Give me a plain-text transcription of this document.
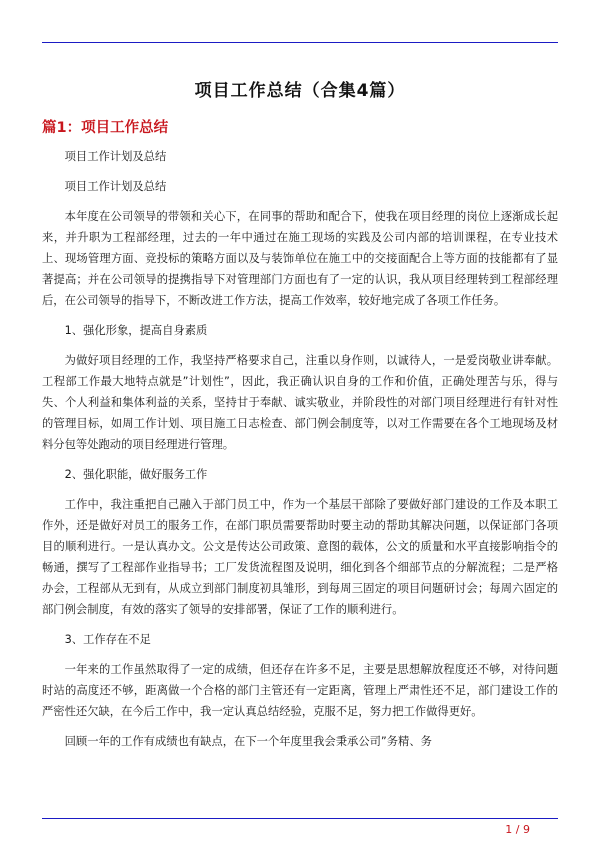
项目工作总结（合集4篇）
篇1：项目工作总结

项目工作计划及总结

项目工作计划及总结

本年度在公司领导的带领和关心下，在同事的帮助和配合下，使我在项目经理的岗位上逐渐成长起来，并升职为工程部经理，过去的一年中通过在施工现场的实践及公司内部的培训课程，在专业技术上、现场管理方面、竞投标的策略方面以及与装饰单位在施工中的交接面配合上等方面的技能都有了显著提高；并在公司领导的提携指导下对管理部门方面也有了一定的认识，我从项目经理转到工程部经理后，在公司领导的指导下，不断改进工作方法，提高工作效率，较好地完成了各项工作任务。

1、强化形象，提高自身素质

为做好项目经理的工作，我坚持严格要求自己，注重以身作则，以诚待人，一是爱岗敬业讲奉献。工程部工作最大地特点就是”计划性”，因此，我正确认识自身的工作和价值，正确处理苦与乐，得与失、个人利益和集体利益的关系，坚持甘于奉献、诚实敬业，并阶段性的对部门项目经理进行有针对性的管理目标，如周工作计划、项目施工日志检查、部门例会制度等，以对工作需要在各个工地现场及材料分包等处跑动的项目经理进行管理。

2、强化职能，做好服务工作

工作中，我注重把自己融入于部门员工中，作为一个基层干部除了要做好部门建设的工作及本职工作外，还是做好对员工的服务工作，在部门职员需要帮助时要主动的帮助其解决问题，以保证部门各项目的顺利进行。一是认真办文。公文是传达公司政策、意图的载体，公文的质量和水平直接影响指令的畅通，撰写了工程部作业指导书；工厂发货流程图及说明，细化到各个细部节点的分解流程；二是严格办会，工程部从无到有，从成立到部门制度初具雏形，到每周三固定的项目问题研讨会；每周六固定的部门例会制度，有效的落实了领导的安排部署，保证了工作的顺利进行。

3、工作存在不足

一年来的工作虽然取得了一定的成绩，但还存在许多不足，主要是思想解放程度还不够，对待问题时站的高度还不够，距离做一个合格的部门主管还有一定距离，管理上严肃性还不足，部门建设工作的严密性还欠缺，在今后工作中，我一定认真总结经验，克服不足，努力把工作做得更好。

回顾一年的工作有成绩也有缺点，在下一个年度里我会秉承公司”务精、务

1 / 9
